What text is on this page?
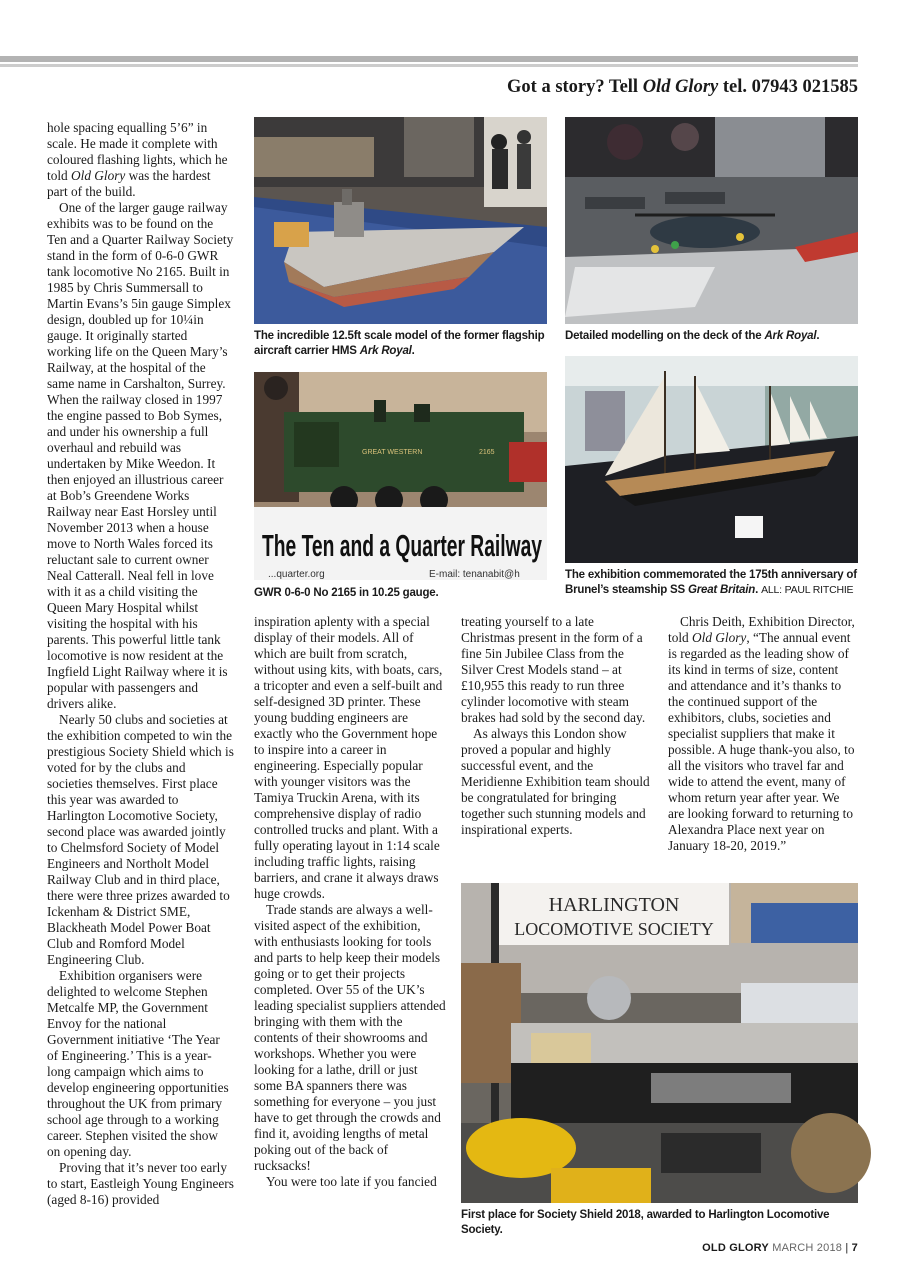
Got a story? Tell Old Glory tel. 07943 021585

hole spacing equalling 5’6” in scale. He made it complete with coloured flashing lights, which he told Old Glory was the hardest part of the build.

One of the larger gauge railway exhibits was to be found on the Ten and a Quarter Railway Society stand in the form of 0-6-0 GWR tank locomotive No 2165. Built in 1985 by Chris Summersall to Martin Evans’s 5in gauge Simplex design, doubled up for 10¼in gauge. It originally started working life on the Queen Mary’s Railway, at the hospital of the same name in Carshalton, Surrey. When the railway closed in 1997 the engine passed to Bob Symes, and under his ownership a full overhaul and rebuild was undertaken by Mike Weedon. It then enjoyed an illustrious career at Bob’s Greendene Works Railway near East Horsley until November 2013 when a house move to North Wales forced its reluctant sale to current owner Neal Catterall. Neal fell in love with it as a child visiting the Queen Mary Hospital whilst visiting the hospital with his parents. This powerful little tank locomotive is now resident at the Ingfield Light Railway where it is popular with passengers and drivers alike.

Nearly 50 clubs and societies at the exhibition competed to win the prestigious Society Shield which is voted for by the clubs and societies themselves. First place this year was awarded to Harlington Locomotive Society, second place was awarded jointly to Chelmsford Society of Model Engineers and Northolt Model Railway Club and in third place, there were three prizes awarded to Ickenham & District SME, Blackheath Model Power Boat Club and Romford Model Engineering Club.

Exhibition organisers were delighted to welcome Stephen Metcalfe MP, the Government Envoy for the national Government initiative ‘The Year of Engineering.’ This is a year-long campaign which aims to develop engineering opportunities throughout the UK from primary school age through to a working career. Stephen visited the show on opening day.

Proving that it’s never too early to start, Eastleigh Young Engineers (aged 8-16) provided

inspiration aplenty with a special display of their models. All of which are built from scratch, without using kits, with boats, cars, a tricopter and even a self-built and self-designed 3D printer. These young budding engineers are exactly who the Government hope to inspire into a career in engineering. Especially popular with younger visitors was the Tamiya Truckin Arena, with its comprehensive display of radio controlled trucks and plant. With a fully operating layout in 1:14 scale including traffic lights, raising barriers, and crane it always draws huge crowds.

Trade stands are always a well-visited aspect of the exhibition, with enthusiasts looking for tools and parts to help keep their models going or to get their projects completed. Over 55 of the UK’s leading specialist suppliers attended bringing with them with the contents of their showrooms and workshops. Whether you were looking for a lathe, drill or just some BA spanners there was something for everyone – you just have to get through the crowds and find it, avoiding lengths of metal poking out of the back of rucksacks!

You were too late if you fancied

treating yourself to a late Christmas present in the form of a fine 5in Jubilee Class from the Silver Crest Models stand – at £10,955 this ready to run three cylinder locomotive with steam brakes had sold by the second day.

As always this London show proved a popular and highly successful event, and the Meridienne Exhibition team should be congratulated for bringing together such stunning models and inspirational experts.

Chris Deith, Exhibition Director, told Old Glory, “The annual event is regarded as the leading show of its kind in terms of size, content and attendance and it’s thanks to the continued support of the exhibitors, clubs, societies and specialist suppliers that make it possible. A huge thank-you also, to all the visitors who travel far and wide to attend the event, many of whom return year after year. We are looking forward to returning to Alexandra Place next year on January 18-20, 2019.”

The incredible 12.5ft scale model of the former flagship aircraft carrier HMS Ark Royal.
Detailed modelling on the deck of the Ark Royal.
GREAT WESTERN	2165
The Ten and a Quarter Railway
...quarter.org	E-mail: tenanabit@h
GWR 0-6-0 No 2165 in 10.25 gauge.
The exhibition commemorated the 175th anniversary of Brunel’s steamship SS Great Britain. ALL: PAUL RITCHIE
HARLINGTON
LOCOMOTIVE SOCIETY
First place for Society Shield 2018, awarded to Harlington Locomotive Society.
OLD GLORY MARCH 2018 | 7
